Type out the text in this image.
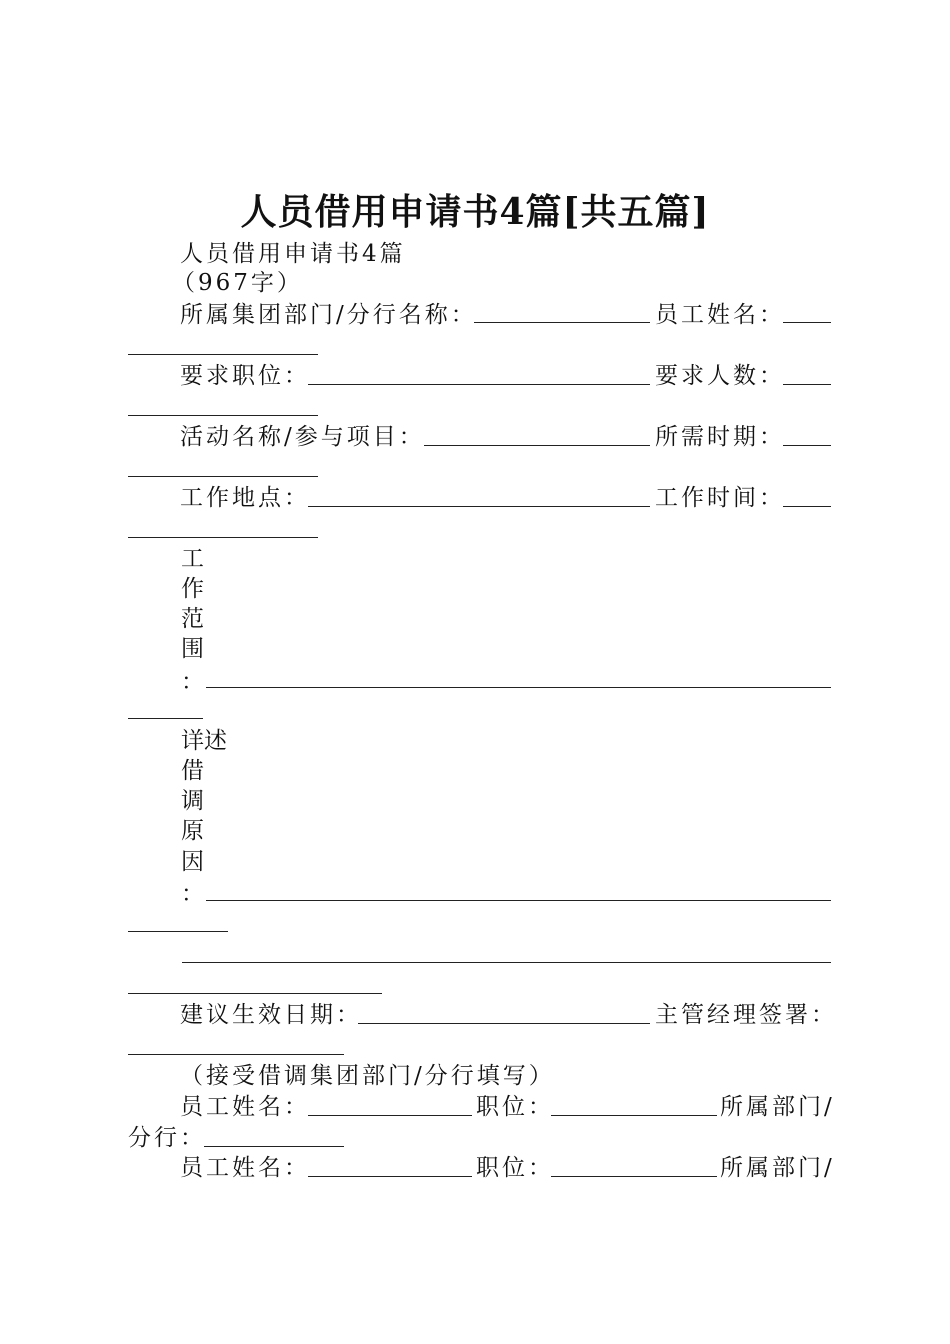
人员借用申请书4篇[共五篇]
人员借用申请书4篇
（967字）
所属集团部门/分行名称：	员工姓名：
要求职位：	要求人数：
活动名称/参与项目：	所需时期：
工作地点：	工作时间：
工
作
范
围
：
详述
借
调
原
因
：
建议生效日期：	主管经理签署：
（接受借调集团部门/分行填写）
员工姓名：	职位：	所属部门/
分行：
员工姓名：	职位：	所属部门/
